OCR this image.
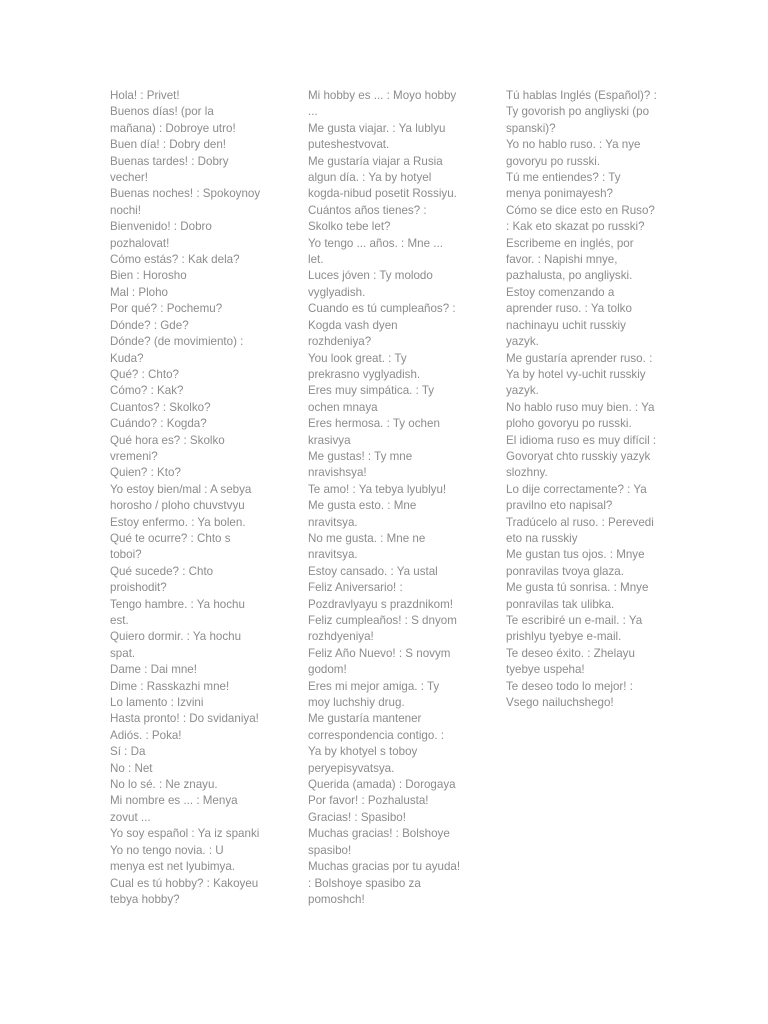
Hola! : Privet!
Buenos días! (por la
mañana) : Dobroye utro!
Buen día! : Dobry den!
Buenas tardes! : Dobry
vecher!
Buenas noches! : Spokoynoy
nochi!
Bienvenido! : Dobro
pozhalovat!
Cómo estás? : Kak dela?
Bien : Horosho
Mal : Ploho
Por qué? : Pochemu?
Dónde? : Gde?
Dónde? (de movimiento) :
Kuda?
Qué? : Chto?
Cómo? : Kak?
Cuantos? : Skolko?
Cuándo? : Kogda?
Qué hora es? : Skolko
vremeni?
Quien? : Kto?
Yo estoy bien/mal : A sebya
horosho / ploho chuvstvyu
Estoy enfermo. : Ya bolen.
Qué te ocurre? : Chto s
toboi?
Qué sucede? : Chto
proishodit?
Tengo hambre. : Ya hochu
est.
Quiero dormir. : Ya hochu
spat.
Dame : Dai mne!
Dime : Rasskazhi mne!
Lo lamento : Izvini
Hasta pronto! : Do svidaniya!
Adiós. : Poka!
Sí : Da
No : Net
No lo sé. : Ne znayu.
Mi nombre es ... : Menya
zovut ...
Yo soy español : Ya iz spanki
Yo no tengo novia. : U
menya est net lyubimya.
Cual es tú hobby? : Kakoyeu
tebya hobby?
Mi hobby es ... : Moyo hobby
...
Me gusta viajar. : Ya lublyu
puteshestvovat.
Me gustaría viajar a Rusia
algun día. : Ya by hotyel
kogda-nibud posetit Rossiyu.
Cuántos años tienes? :
Skolko tebe let?
Yo tengo ... años. : Mne ...
let.
Luces jóven : Ty molodo
vyglyadish.
Cuando es tú cumpleaños? :
Kogda vash dyen
rozhdeniya?
You look great. : Ty
prekrasno vyglyadish.
Eres muy simpática. : Ty
ochen mnaya
Eres hermosa. : Ty ochen
krasivya
Me gustas! : Ty mne
nravishsya!
Te amo! : Ya tebya lyublyu!
Me gusta esto. : Mne
nravitsya.
No me gusta. : Mne ne
nravitsya.
Estoy cansado. : Ya ustal
Feliz Aniversario! :
Pozdravlyayu s prazdnikom!
Feliz cumpleaños! : S dnyom
rozhdyeniya!
Feliz Año Nuevo! : S novym
godom!
Eres mi mejor amiga. : Ty
moy luchshiy drug.
Me gustaría mantener
correspondencia contigo. :
Ya by khotyel s toboy
peryepisyvatsya.
Querida (amada) : Dorogaya
Por favor! : Pozhalusta!
Gracias! : Spasibo!
Muchas gracias! : Bolshoye
spasibo!
Muchas gracias por tu ayuda!
: Bolshoye spasibo za
pomoshch!
Tú hablas Inglés (Español)? :
Ty govorish po angliyski (po
spanski)?
Yo no hablo ruso. : Ya nye
govoryu po russki.
Tú me entiendes? : Ty
menya ponimayesh?
Cómo se dice esto en Ruso?
: Kak eto skazat po russki?
Escribeme en inglés, por
favor. : Napishi mnye,
pazhalusta, po angliyski.
Estoy comenzando a
aprender ruso. : Ya tolko
nachinayu uchit russkiy
yazyk.
Me gustaría aprender ruso. :
Ya by hotel vy-uchit russkiy
yazyk.
No hablo ruso muy bien. : Ya
ploho govoryu po russki.
El idioma ruso es muy difícil :
Govoryat chto russkiy yazyk
slozhny.
Lo dije correctamente? : Ya
pravilno eto napisal?
Tradúcelo al ruso. : Perevedi
eto na russkiy
Me gustan tus ojos. : Mnye
ponravilas tvoya glaza.
Me gusta tú sonrisa. : Mnye
ponravilas tak ulibka.
Te escribiré un e-mail. : Ya
prishlyu tyebye e-mail.
Te deseo éxito. : Zhelayu
tyebye uspeha!
Te deseo todo lo mejor! :
Vsego nailuchshego!
